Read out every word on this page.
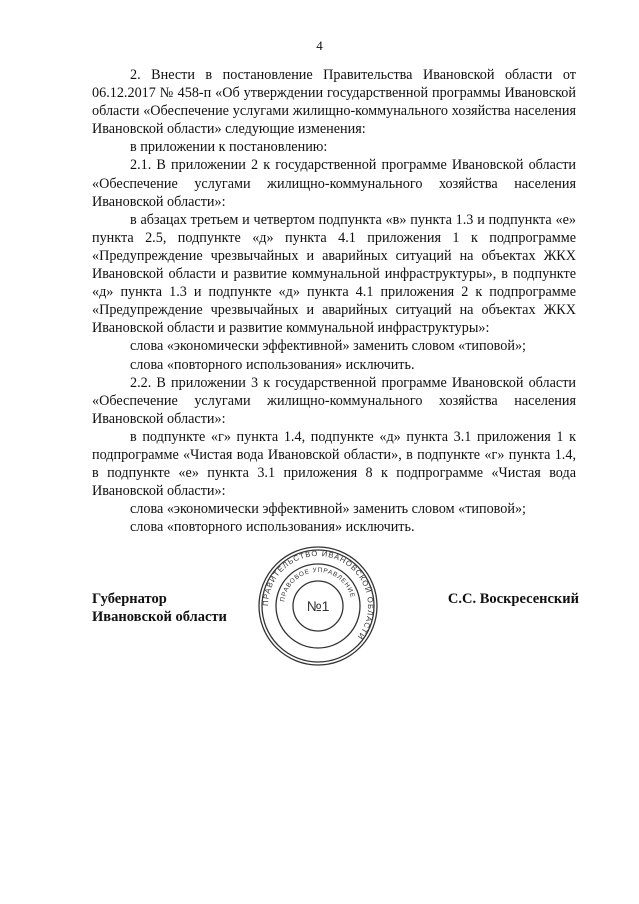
4

2. Внести в постановление Правительства Ивановской области от 06.12.2017 № 458-п «Об утверждении государственной программы Ивановской области «Обеспечение услугами жилищно-коммунального хозяйства населения Ивановской области» следующие изменения:

в приложении к постановлению:

2.1. В приложении 2 к государственной программе Ивановской области «Обеспечение услугами жилищно-коммунального хозяйства населения Ивановской области»:

в абзацах третьем и четвертом подпункта «в» пункта 1.3 и подпункта «е» пункта 2.5, подпункте «д» пункта 4.1 приложения 1 к подпрограмме «Предупреждение чрезвычайных и аварийных ситуаций на объектах ЖКХ Ивановской области и развитие коммунальной инфраструктуры», в подпункте «д» пункта 1.3 и подпункте «д» пункта 4.1 приложения 2 к подпрограмме «Предупреждение чрезвычайных и аварийных ситуаций на объектах ЖКХ Ивановской области и развитие коммунальной инфраструктуры»:

слова «экономически эффективной» заменить словом «типовой»;

слова «повторного использования» исключить.

2.2. В приложении 3 к государственной программе Ивановской области «Обеспечение услугами жилищно-коммунального хозяйства населения Ивановской области»:

в подпункте «г» пункта 1.4, подпункте «д» пункта 3.1 приложения 1 к подпрограмме «Чистая вода Ивановской области», в подпункте «г» пункта 1.4, в подпункте «е» пункта 3.1 приложения 8 к подпрограмме «Чистая вода Ивановской области»:

слова «экономически эффективной» заменить словом «типовой»;

слова «повторного использования» исключить.

Губернатор
Ивановской области
С.С. Воскресенский
ПРАВИТЕЛЬСТВО ИВАНОВСКОЙ ОБЛАСТИ
ПРАВОВОЕ УПРАВЛЕНИЕ
№1
